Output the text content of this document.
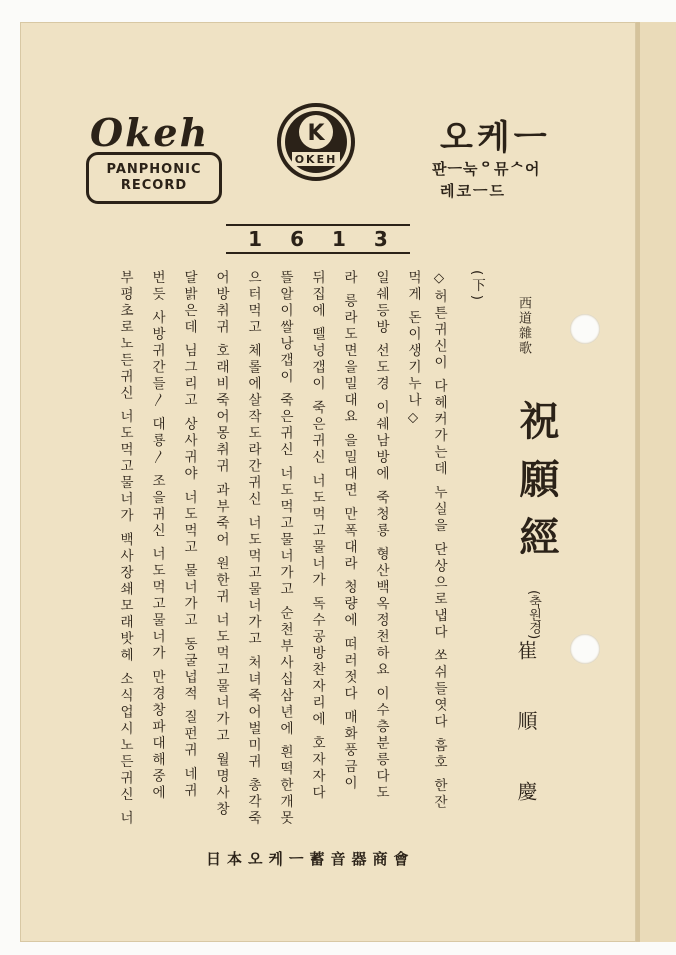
Okeh
PANPHONIC
RECORD
K
OKEH
오케ㅡ
판ㅡ눅ᄋ뮤ᄉ어
레코ㅡ드
1613
西道雜歌
祝願經
(축원경)
崔 順 慶
◇허튼귀신이 다헤커가는데 누실을 단상으로냅다 쏘쉬들엿다 흠호 한잔 (下)
먹게 돈이생기누나◇
일쉐등방 선도경 이쉐남방에 죽청룡 형산백옥정천하요 이수층분릉다도
라 릉라도면을밀대요 을밀대면 만폭대라 청량에 떠러젓다 매화풍금이
뒤집에 뗄넝갭이 죽은귀신 너도먹고물너가 독수공방찬자리에 호자자다
뜰알이쌀낭갭이 죽은귀신 너도먹고물너가고 순천부사십삼년에 흰떡한개못
으터먹고 체롤에살작도라간귀신 너도먹고물너가고 처녀죽어벌미귀 총각죽
어방취귀 호래비죽어몽취귀 과부죽어 원한귀 너도먹고물너가고 월명사창
달밝은데 님그리고 상사귀야 너도먹고 물너가고 동굴넙적 질펀귀 네귀
번듯 사방귀간들〳 대룡〳 조을귀신 너도먹고물너가 만경창파대해중에
부평초로노든귀신 너도먹고물너가 백사장쇄모래밧헤 소식업시노든귀신 너
日本오케ㅡ蓄音器商會
